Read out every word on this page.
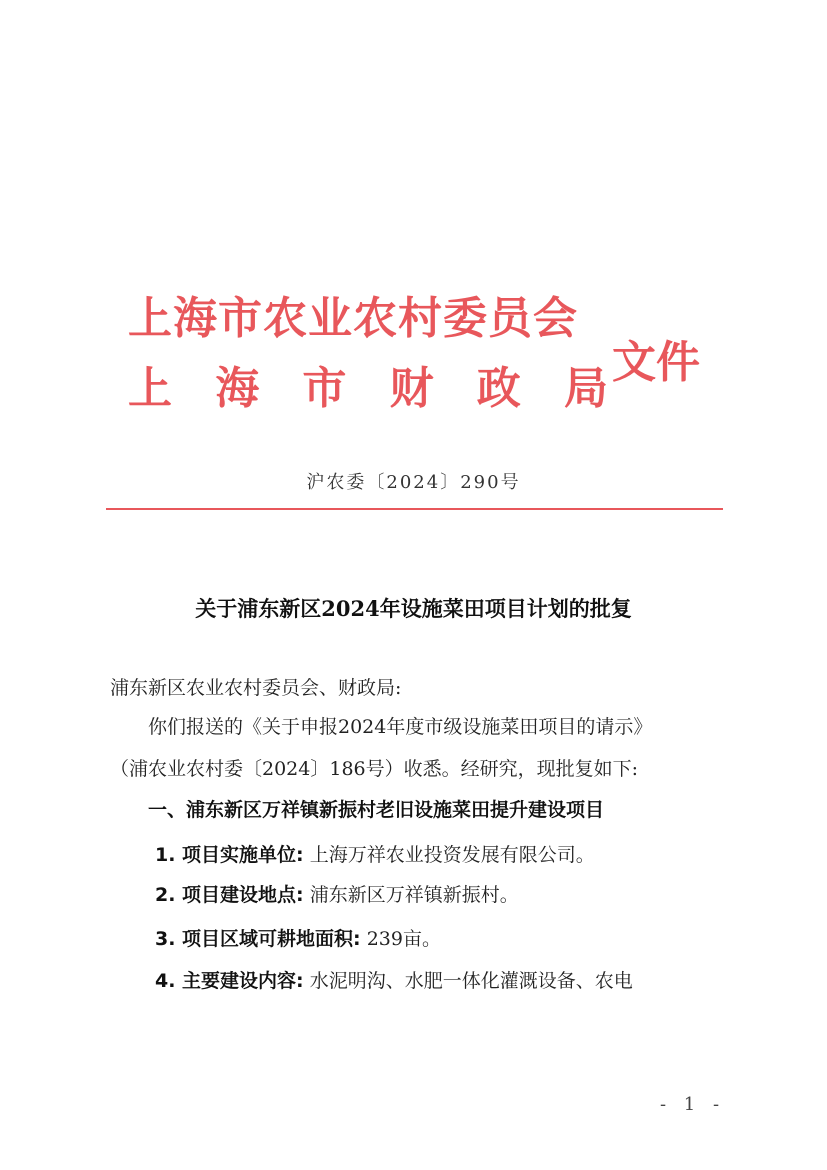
上海市农业农村委员会
上 海 市 财 政 局
文件
沪农委〔2024〕290号
关于浦东新区2024年设施菜田项目计划的批复
浦东新区农业农村委员会、财政局:
你们报送的《关于申报2024年度市级设施菜田项目的请示》
（浦农业农村委〔2024〕186号）收悉。经研究，现批复如下:
一、浦东新区万祥镇新振村老旧设施菜田提升建设项目
1. 项目实施单位: 上海万祥农业投资发展有限公司。
2. 项目建设地点: 浦东新区万祥镇新振村。
3. 项目区域可耕地面积: 239亩。
4. 主要建设内容: 水泥明沟、水肥一体化灌溉设备、农电
- 1 -
